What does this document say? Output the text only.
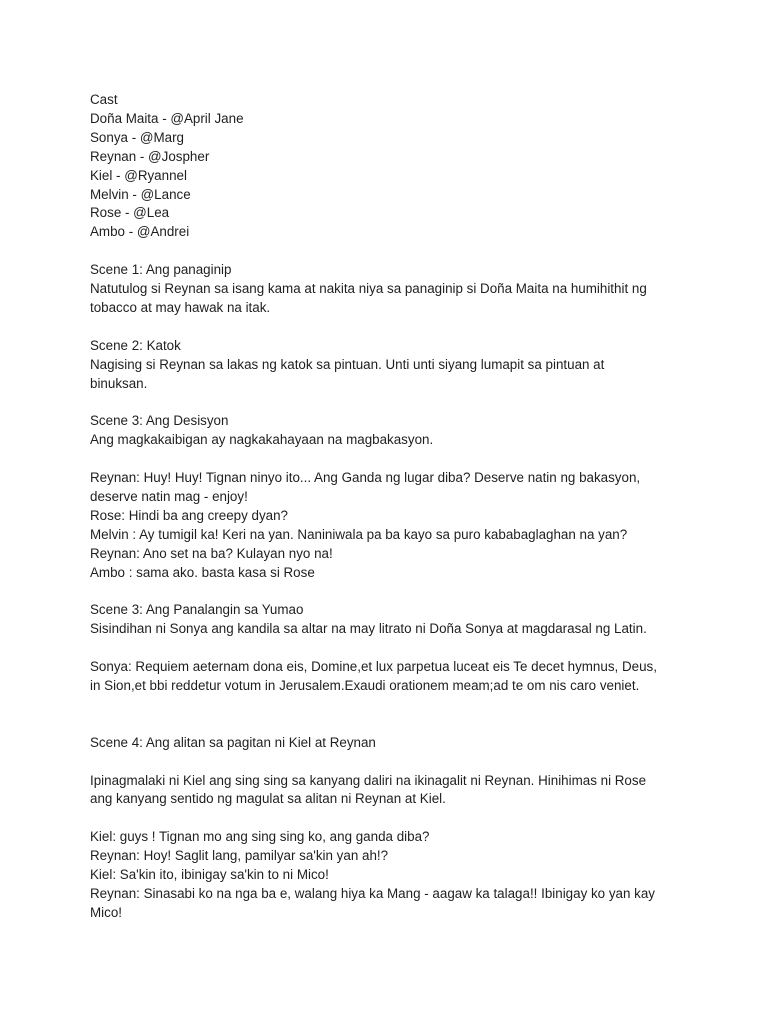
Cast
Doña Maita - @April Jane
Sonya - @Marg
Reynan - @Jospher
Kiel - @Ryannel
Melvin - @Lance
Rose - @Lea
Ambo - @Andrei
Scene 1: Ang panaginip
Natutulog si Reynan sa isang kama at nakita niya sa panaginip si Doña Maita na humihithit ng
tobacco at may hawak na itak.
Scene 2: Katok
Nagising si Reynan sa lakas ng katok sa pintuan. Unti unti siyang lumapit sa pintuan at
binuksan.
Scene 3: Ang Desisyon
Ang magkakaibigan ay nagkakahayaan na magbakasyon.
Reynan: Huy! Huy! Tignan ninyo ito... Ang Ganda ng lugar diba? Deserve natin ng bakasyon,
deserve natin mag - enjoy!
Rose: Hindi ba ang creepy dyan?
Melvin : Ay tumigil ka! Keri na yan. Naniniwala pa ba kayo sa puro kababaglaghan na yan?
Reynan: Ano set na ba? Kulayan nyo na!
Ambo : sama ako. basta kasa si Rose
Scene 3: Ang Panalangin sa Yumao
Sisindihan ni Sonya ang kandila sa altar na may litrato ni Doña Sonya at magdarasal ng Latin.
Sonya: Requiem aeternam dona eis, Domine,et lux parpetua luceat eis Te decet hymnus, Deus,
in Sion,et bbi reddetur votum in Jerusalem.Exaudi orationem meam;ad te om nis caro veniet.
Scene 4: Ang alitan sa pagitan ni Kiel at Reynan
Ipinagmalaki ni Kiel ang sing sing sa kanyang daliri na ikinagalit ni Reynan. Hinihimas ni Rose
ang kanyang sentido ng magulat sa alitan ni Reynan at Kiel.
Kiel: guys ! Tignan mo ang sing sing ko, ang ganda diba?
Reynan: Hoy! Saglit lang, pamilyar sa'kin yan ah!?
Kiel: Sa'kin ito, ibinigay sa'kin to ni Mico!
Reynan: Sinasabi ko na nga ba e, walang hiya ka Mang - aagaw ka talaga!! Ibinigay ko yan kay
Mico!
